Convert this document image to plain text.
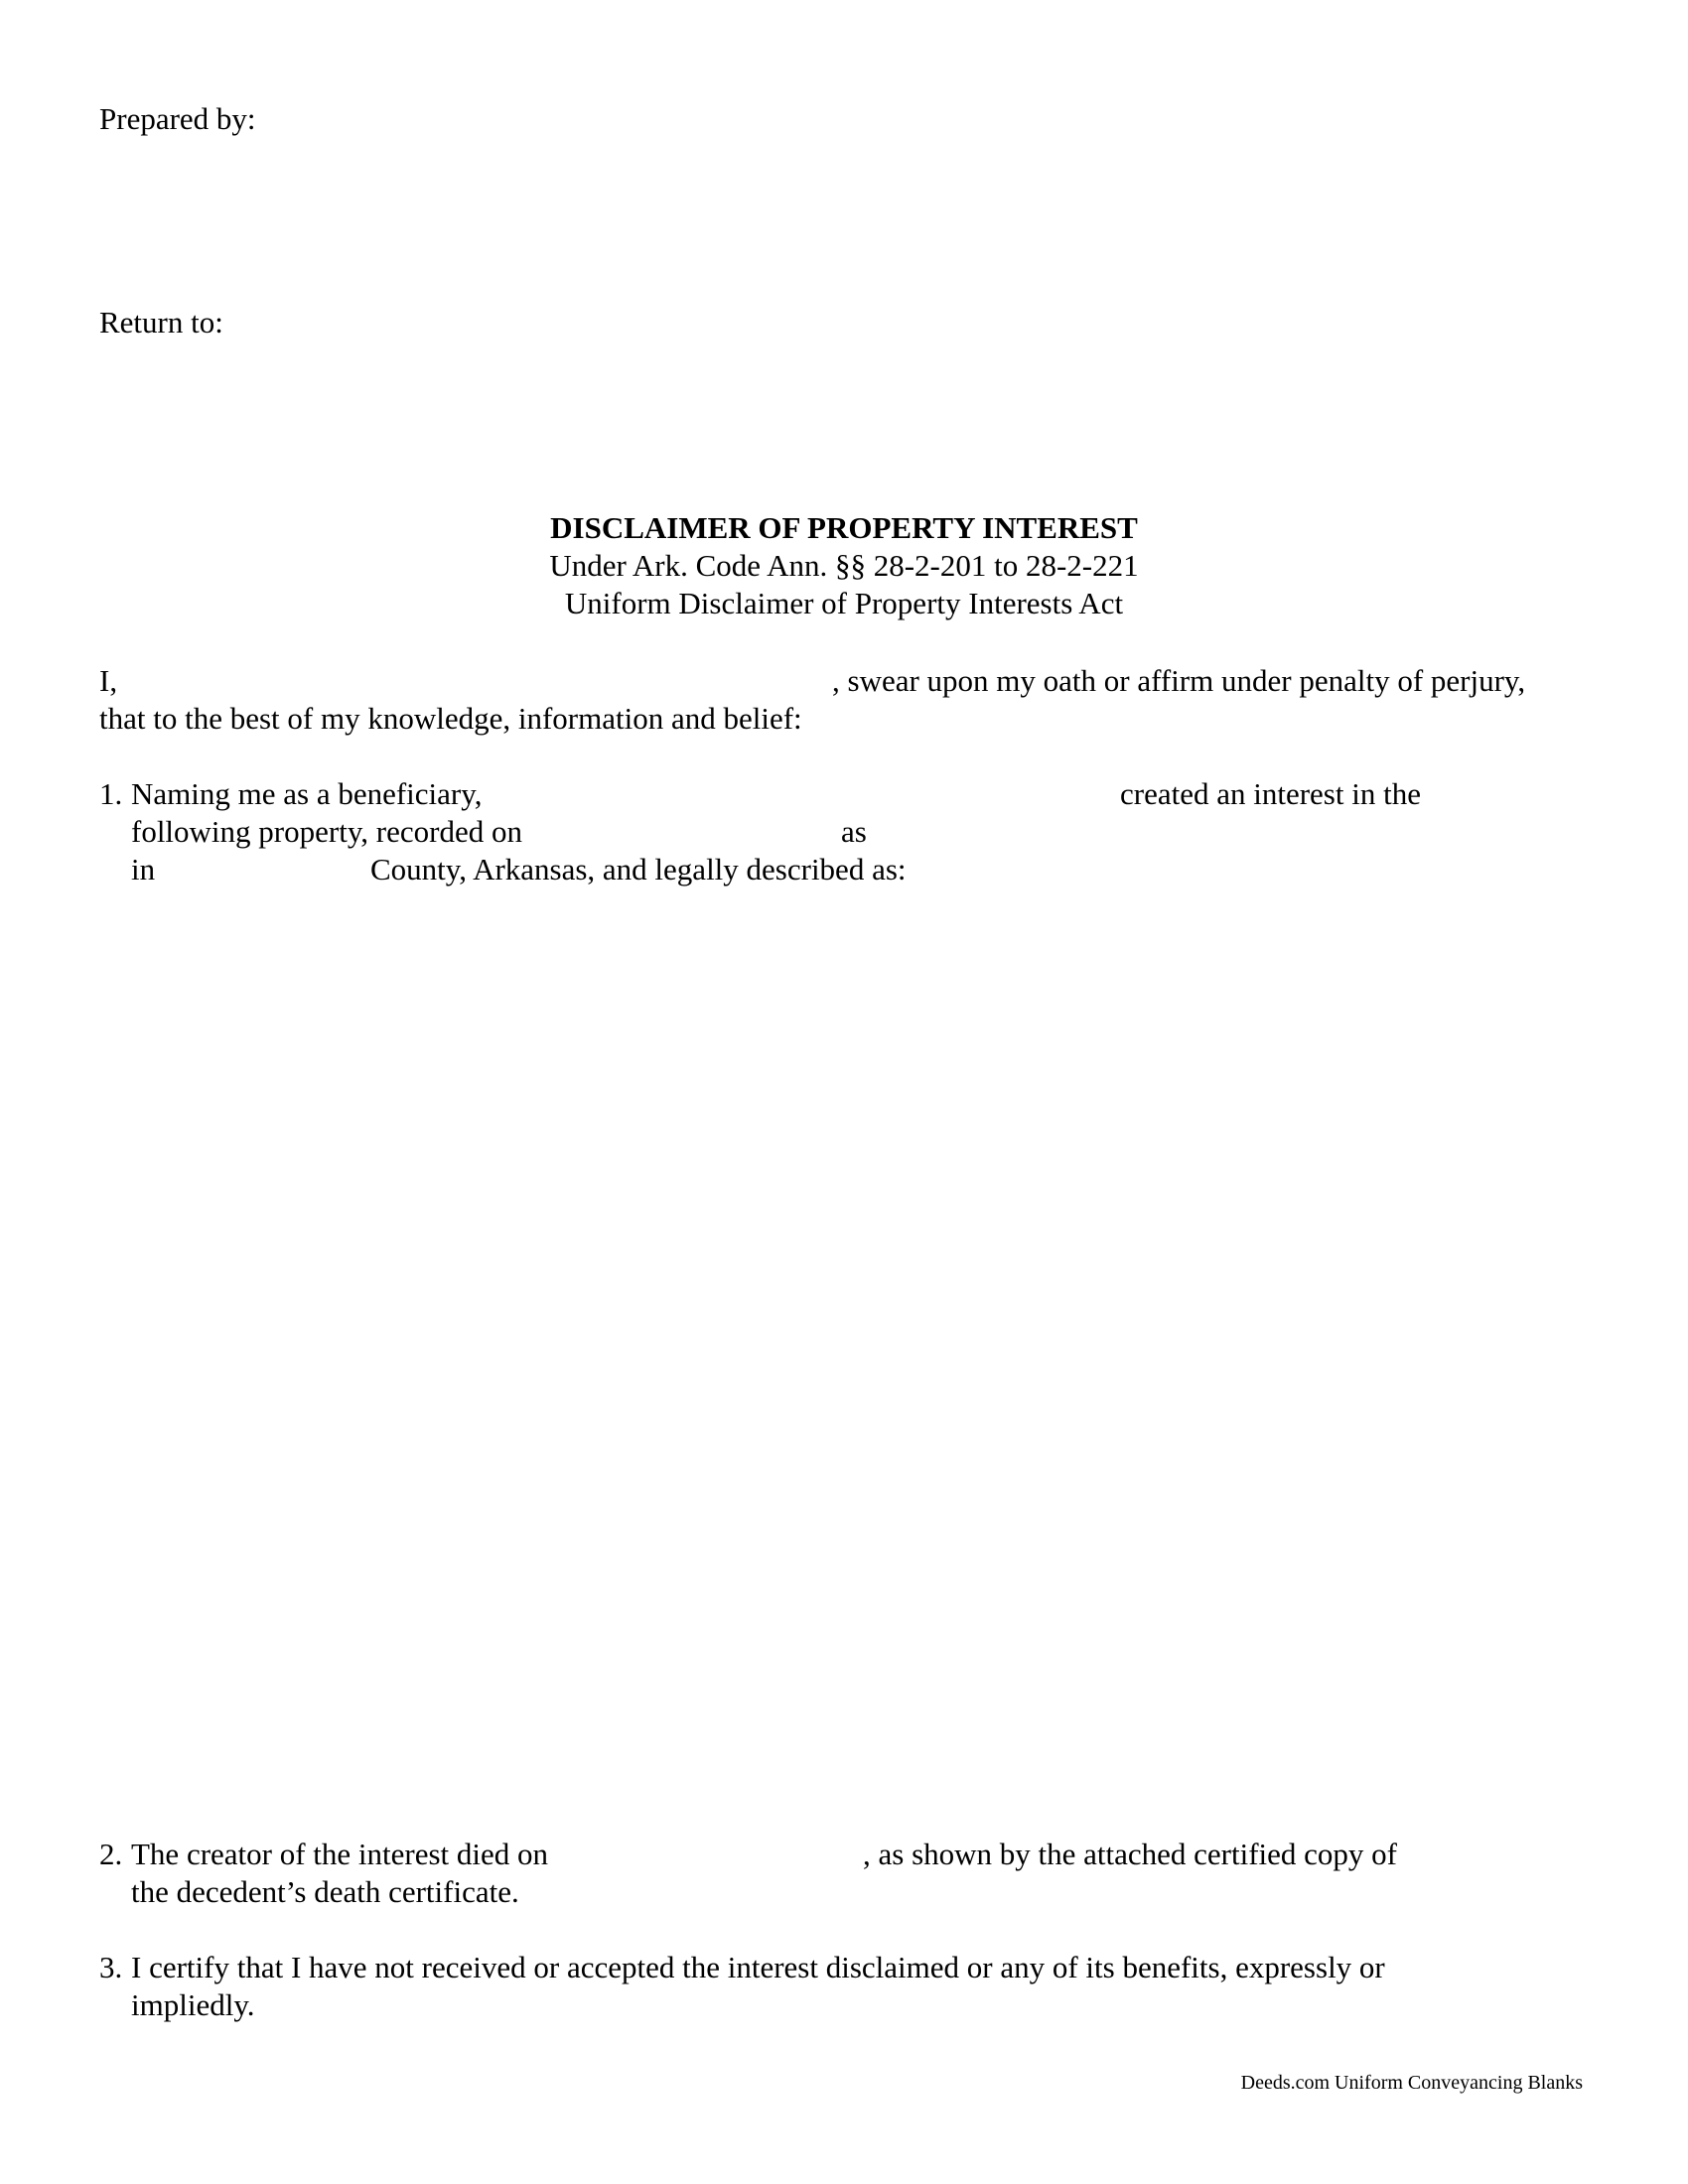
Prepared by:
Return to:
DISCLAIMER OF PROPERTY INTEREST
Under Ark. Code Ann. §§ 28-2-201 to 28-2-221
Uniform Disclaimer of Property Interests Act
I,	, swear upon my oath or affirm under penalty of perjury,
that to the best of my knowledge, information and belief:
1. Naming me as a beneficiary,	created an interest in the
following property, recorded on	as
in	County, Arkansas, and legally described as:
2. The creator of the interest died on	, as shown by the attached certified copy of
the decedent’s death certificate.
3. I certify that I have not received or accepted the interest disclaimed or any of its benefits, expressly or
impliedly.
Deeds.com Uniform Conveyancing Blanks
